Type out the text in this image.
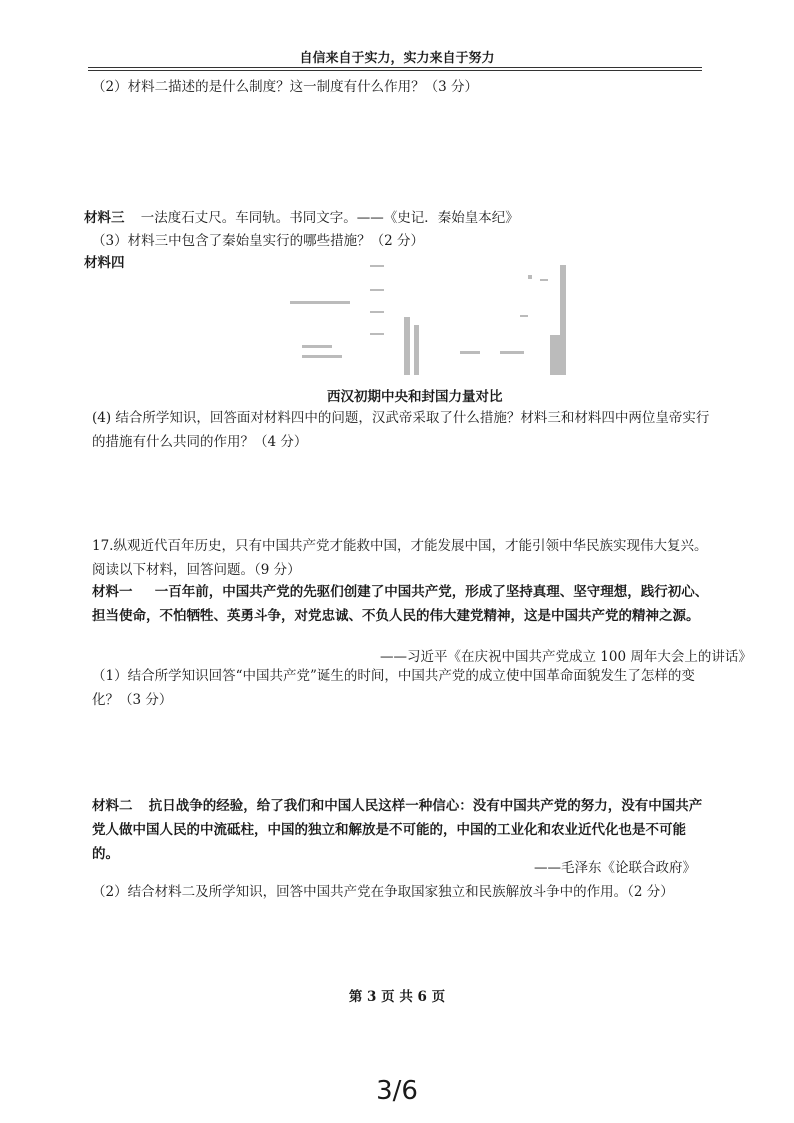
自信来自于实力，实力来自于努力
（2）材料二描述的是什么制度？这一制度有什么作用？（3 分）
材料三 一法度石丈尺。车同轨。书同文字。——《史记．秦始皇本纪》
（3）材料三中包含了秦始皇实行的哪些措施？（2 分）
材料四
西汉初期中央和封国力量对比
(4) 结合所学知识，回答面对材料四中的问题，汉武帝采取了什么措施？材料三和材料四中两位皇帝实行的措施有什么共同的作用？（4 分）
17.纵观近代百年历史，只有中国共产党才能救中国，才能发展中国，才能引领中华民族实现伟大复兴。阅读以下材料，回答问题。（9 分）
材料一 一百年前，中国共产党的先驱们创建了中国共产党，形成了坚持真理、坚守理想，践行初心、担当使命，不怕牺牲、英勇斗争，对党忠诚、不负人民的伟大建党精神，这是中国共产党的精神之源。
——习近平《在庆祝中国共产党成立 100 周年大会上的讲话》
（1）结合所学知识回答“中国共产党”诞生的时间，中国共产党的成立使中国革命面貌发生了怎样的变化？（3 分）
材料二 抗日战争的经验，给了我们和中国人民这样一种信心：没有中国共产党的努力，没有中国共产党人做中国人民的中流砥柱，中国的独立和解放是不可能的，中国的工业化和农业近代化也是不可能的。
——毛泽东《论联合政府》
（2）结合材料二及所学知识，回答中国共产党在争取国家独立和民族解放斗争中的作用。（2 分）
第 3 页 共 6 页
3/6
